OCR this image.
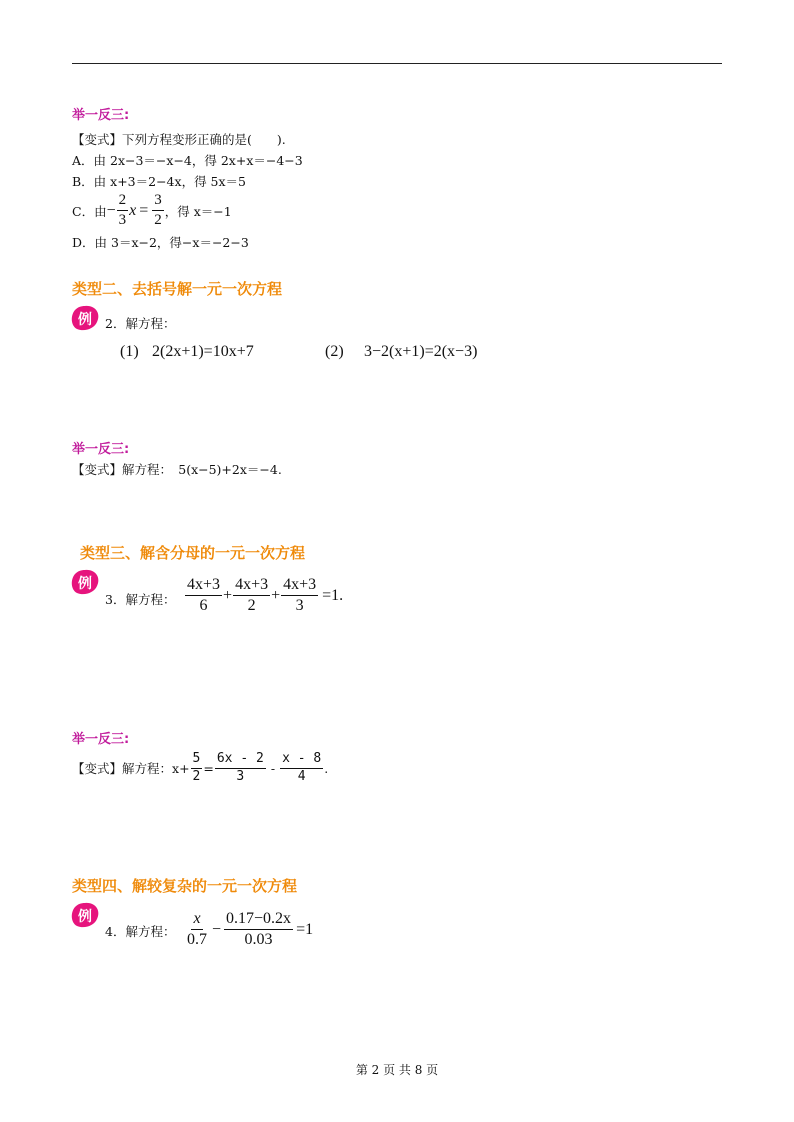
举一反三:
【变式】下列方程变形正确的是(　　).
A．由 2x−3＝−x−4，得 2x+x＝−4−3
B．由 x+3＝2−4x，得 5x＝5
C．由 − $\frac{2}{3}$ $x = \frac{3}{2}$ ，得 x＝−1
D．由 3＝x−2，得−x＝−2−3
类型二、去括号解一元一次方程
例 2．解方程：
(1) 2(2x+1)=10x+7	(2) 3−2(x+1)=2(x−3)
举一反三:
【变式】解方程：　5(x−5)+2x＝−4.
类型三、解含分母的一元一次方程
例
3．解方程： $\frac{4x+3}{6} + \frac{4x+3}{2} + \frac{4x+3}{3} =1$.
举一反三:
【变式】解方程： $x+ \frac{5}{2} = \frac{6x - 2}{3} - \frac{x - 8}{4}$ .
类型四、解较复杂的一元一次方程
例
4．解方程： $\frac{x}{0.7} - \frac{0.17-0.2x}{0.03} =1$
第 2 页 共 8 页
